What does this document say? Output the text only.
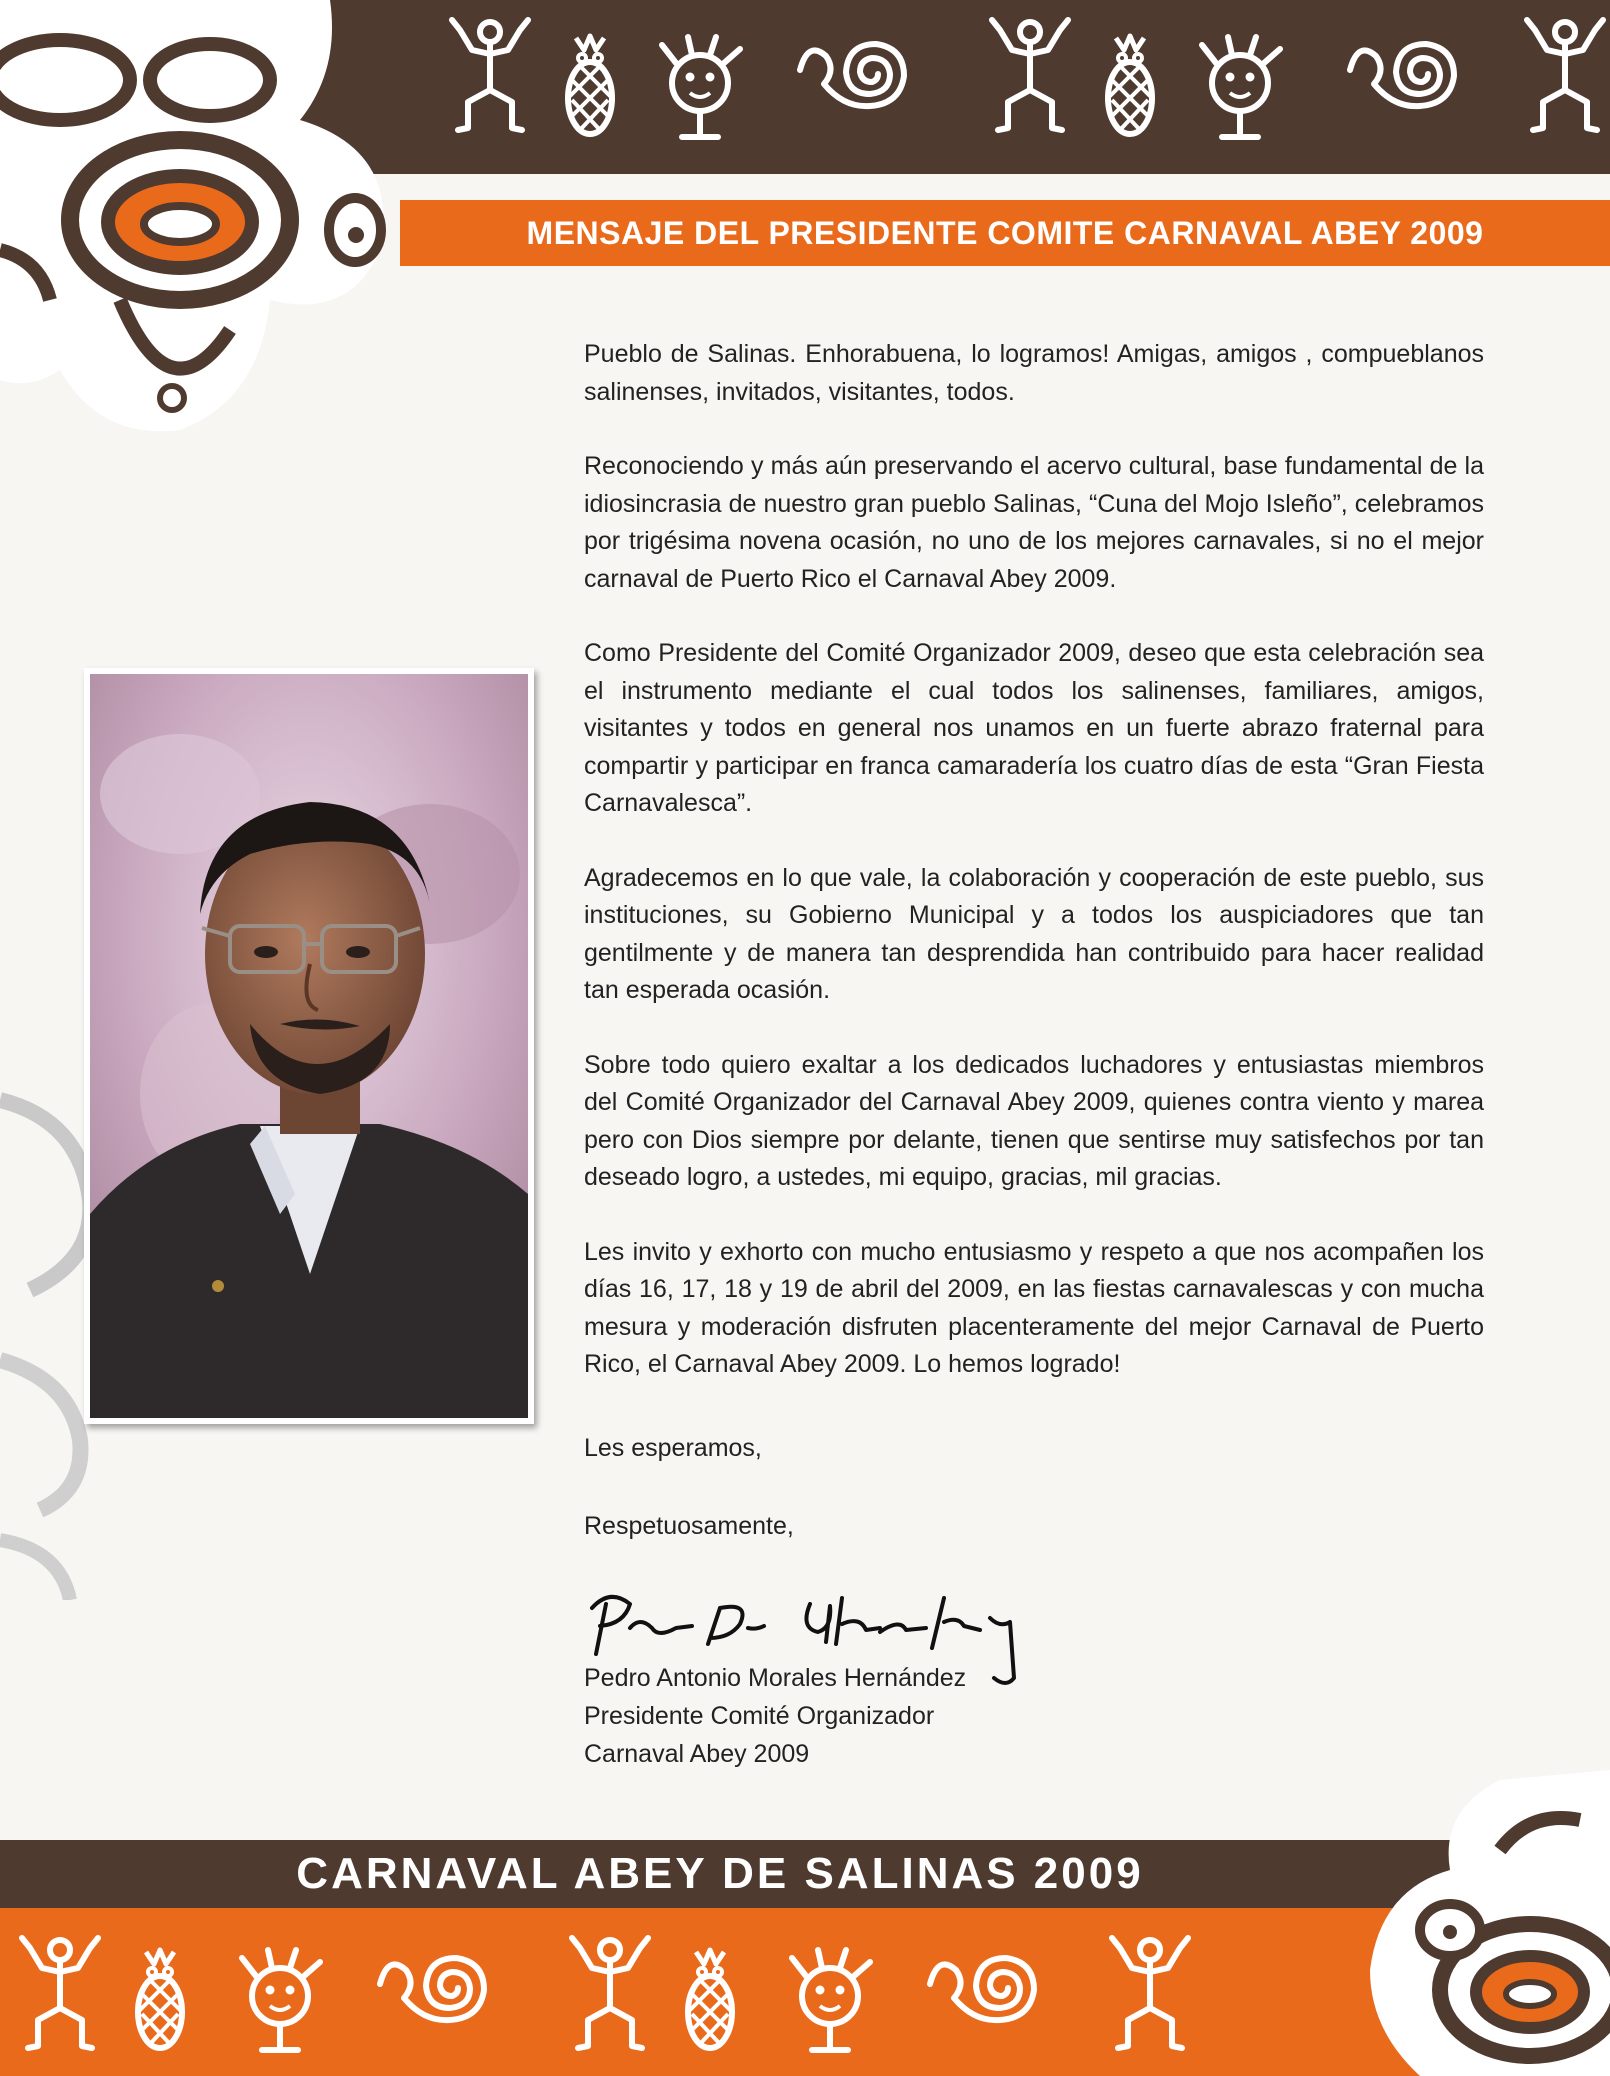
MENSAJE DEL PRESIDENTE COMITE CARNAVAL ABEY 2009

Pueblo de Salinas. Enhorabuena, lo logramos! Amigas, amigos , compueblanos salinenses, invitados, visitantes, todos.

Reconociendo y más aún preservando el acervo cultural, base fundamental de la idiosincrasia de nuestro gran pueblo Salinas, “Cuna del Mojo Isleño”, celebramos por trigésima novena ocasión, no uno de los mejores carnavales, si no el mejor carnaval de Puerto Rico el Carnaval Abey 2009.

Como Presidente del Comité Organizador 2009, deseo que esta celebración sea el instrumento mediante el cual todos los salinenses, familiares, amigos, visitantes y todos en general nos unamos en un fuerte abrazo fraternal para compartir y participar en franca camaradería los cuatro días de esta “Gran Fiesta Carnavalesca”.

Agradecemos en lo que vale, la colaboración y cooperación de este pueblo, sus instituciones, su Gobierno Municipal y a todos los auspiciadores que tan gentilmente y de manera tan desprendida han contribuido para hacer realidad tan esperada ocasión.

Sobre todo quiero exaltar a los dedicados luchadores y entusiastas miembros del Comité Organizador del Carnaval Abey 2009, quienes contra viento y marea pero con Dios siempre por delante, tienen que sentirse muy satisfechos por tan deseado logro, a ustedes, mi equipo, gracias, mil gracias.

Les invito y exhorto con mucho entusiasmo y respeto a que nos acompañen los días 16, 17, 18 y 19 de abril del 2009, en las fiestas carnavalescas y con mucha mesura y moderación disfruten placenteramente del mejor Carnaval de Puerto Rico, el Carnaval Abey 2009. Lo hemos logrado!

Les esperamos,
Respetuosamente,
Pedro Antonio Morales Hernández
Presidente Comité Organizador
Carnaval Abey 2009
CARNAVAL ABEY DE SALINAS 2009
